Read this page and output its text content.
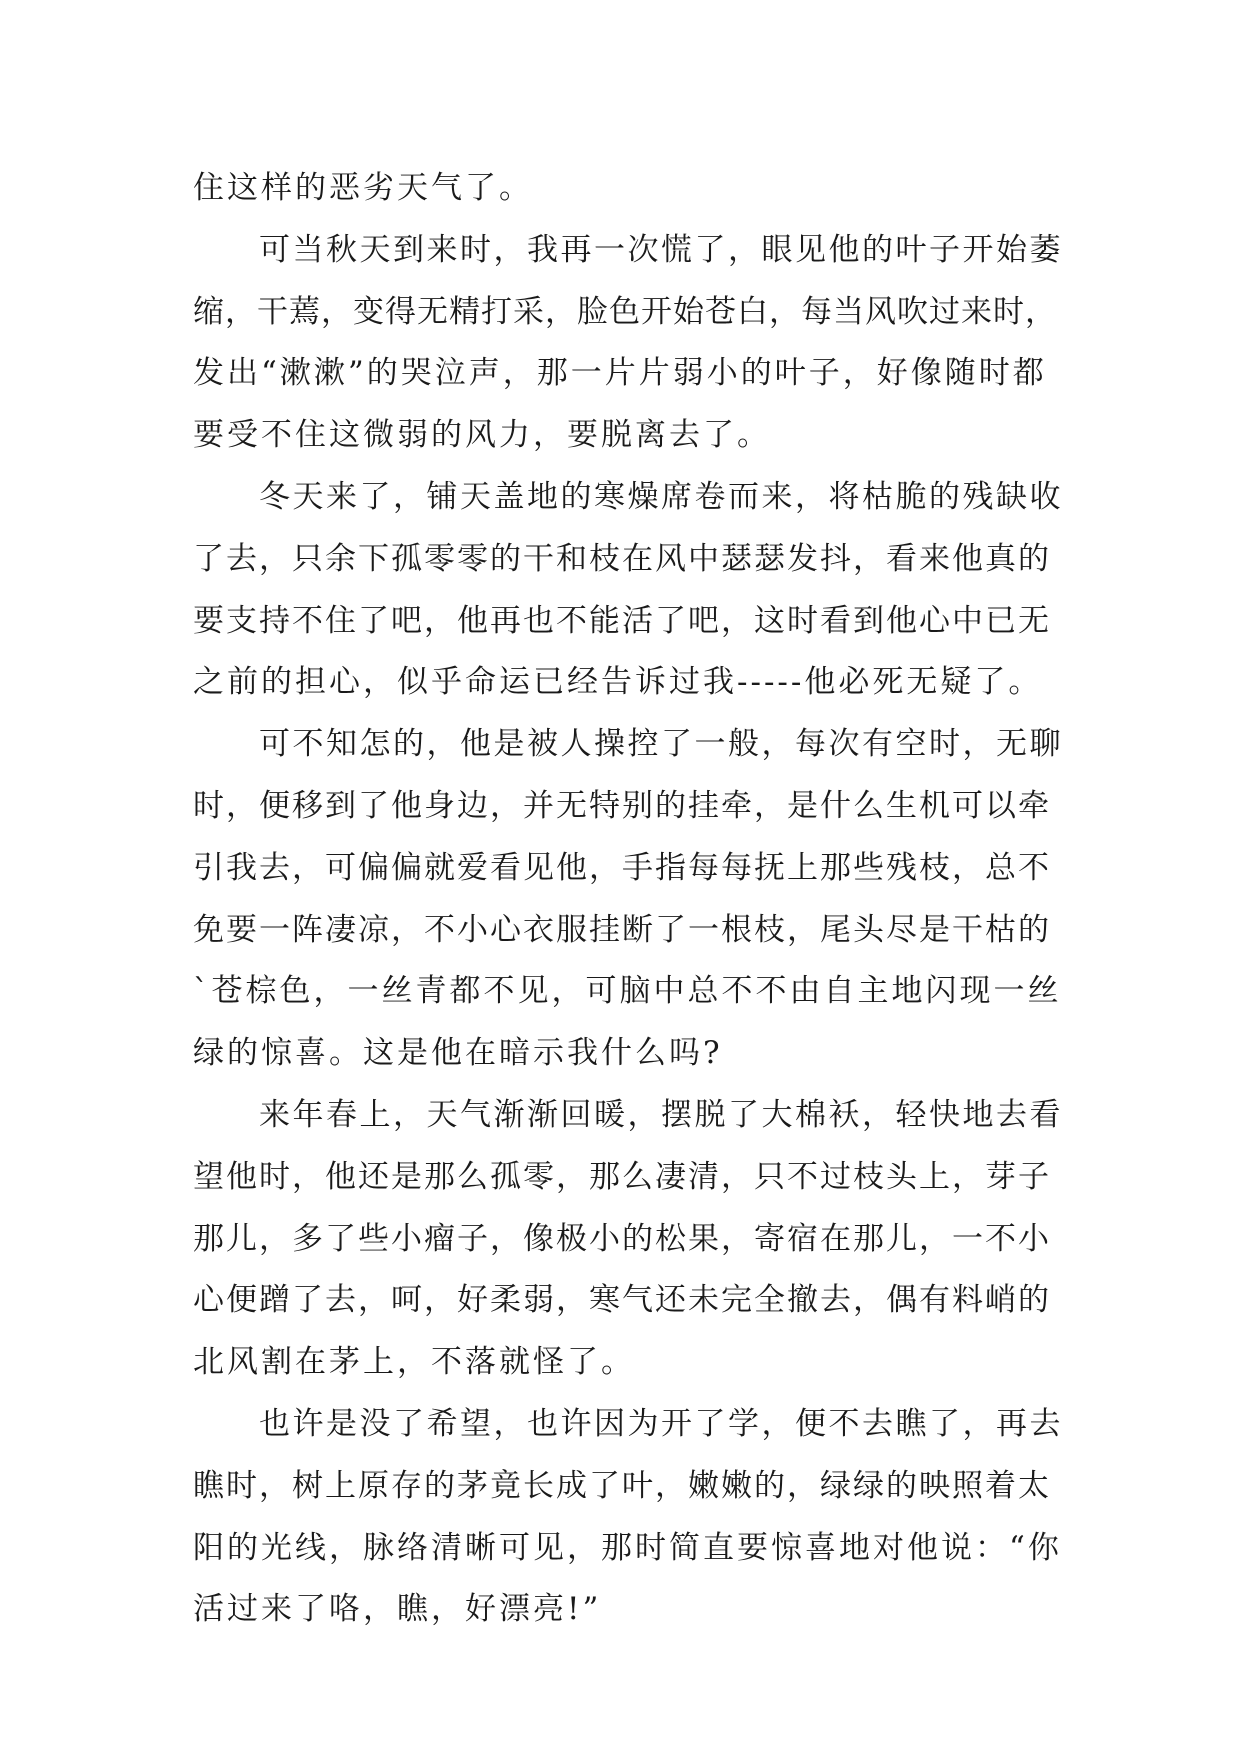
住这样的恶劣天气了。
可当秋天到来时，我再一次慌了，眼见他的叶子开始萎
缩，干蔫，变得无精打采，脸色开始苍白，每当风吹过来时，
发出“漱漱”的哭泣声，那一片片弱小的叶子，好像随时都
要受不住这微弱的风力，要脱离去了。
冬天来了，铺天盖地的寒燥席卷而来，将枯脆的残缺收
了去，只余下孤零零的干和枝在风中瑟瑟发抖，看来他真的
要支持不住了吧，他再也不能活了吧，这时看到他心中已无
之前的担心，似乎命运已经告诉过我-----他必死无疑了。
可不知怎的，他是被人操控了一般，每次有空时，无聊
时，便移到了他身边，并无特别的挂牵，是什么生机可以牵
引我去，可偏偏就爱看见他，手指每每抚上那些残枝，总不
免要一阵凄凉，不小心衣服挂断了一根枝，尾头尽是干枯的
`苍棕色，一丝青都不见，可脑中总不不由自主地闪现一丝
绿的惊喜。这是他在暗示我什么吗?
来年春上，天气渐渐回暖，摆脱了大棉袄，轻快地去看
望他时，他还是那么孤零，那么凄清，只不过枝头上，芽子
那儿，多了些小瘤子，像极小的松果，寄宿在那儿，一不小
心便蹭了去，呵，好柔弱，寒气还未完全撤去，偶有料峭的
北风割在茅上，不落就怪了。
也许是没了希望，也许因为开了学，便不去瞧了，再去
瞧时，树上原存的茅竟长成了叶，嫩嫩的，绿绿的映照着太
阳的光线，脉络清晰可见，那时简直要惊喜地对他说：“你
活过来了咯，瞧，好漂亮!”
